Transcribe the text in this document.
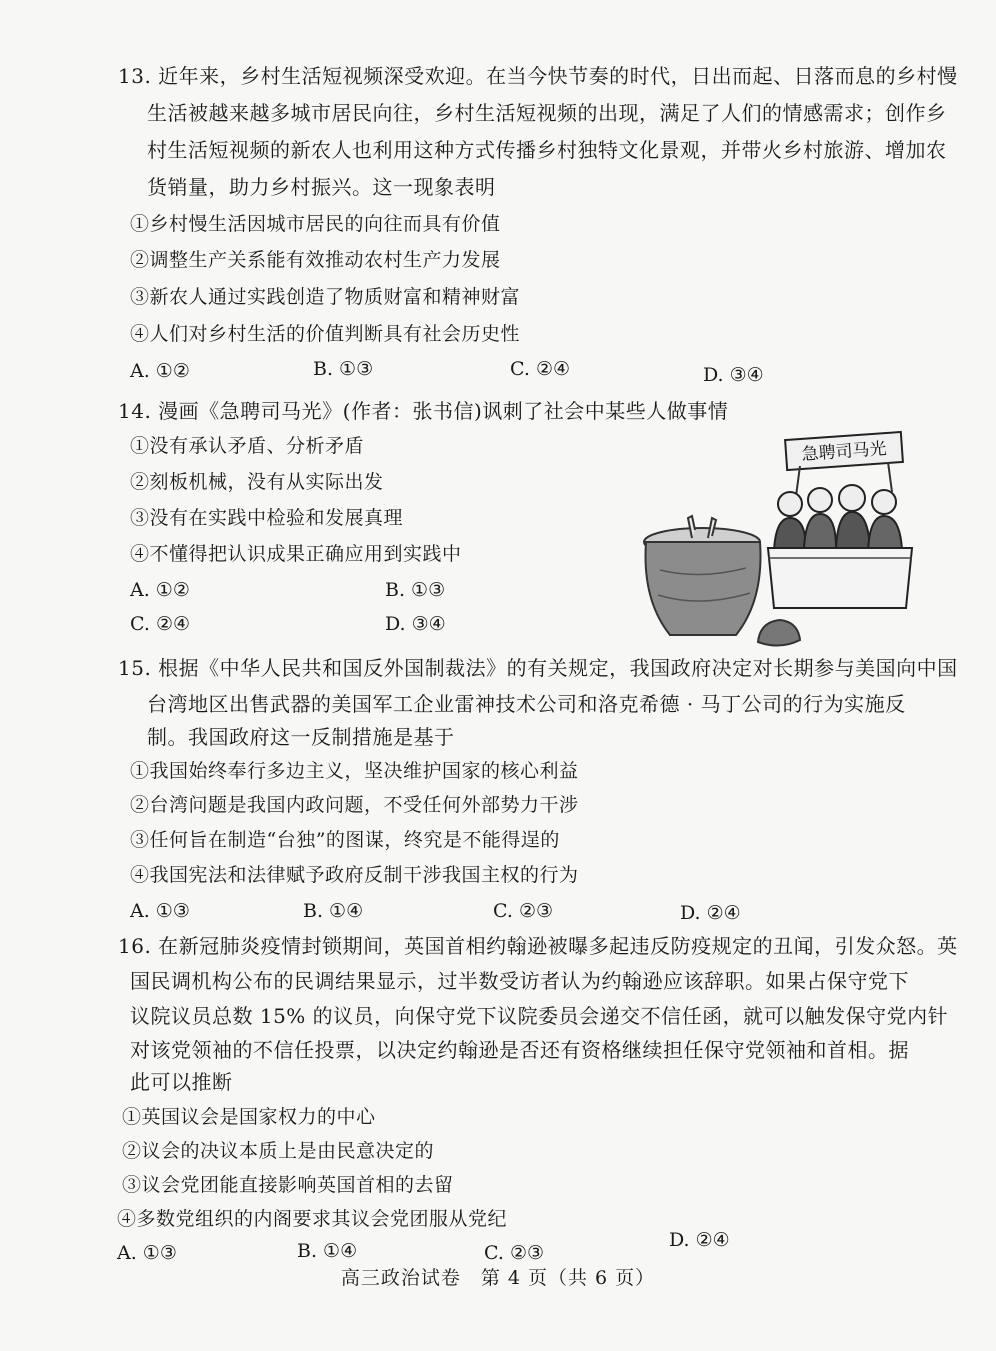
13. 近年来，乡村生活短视频深受欢迎。在当今快节奏的时代，日出而起、日落而息的乡村慢
生活被越来越多城市居民向往，乡村生活短视频的出现，满足了人们的情感需求；创作乡
村生活短视频的新农人也利用这种方式传播乡村独特文化景观，并带火乡村旅游、增加农
货销量，助力乡村振兴。这一现象表明
①乡村慢生活因城市居民的向往而具有价值
②调整生产关系能有效推动农村生产力发展
③新农人通过实践创造了物质财富和精神财富
④人们对乡村生活的价值判断具有社会历史性
A. ①②	B. ①③	C. ②④	D. ③④
14. 漫画《急聘司马光》(作者：张书信)讽刺了社会中某些人做事情
①没有承认矛盾、分析矛盾
②刻板机械，没有从实际出发
③没有在实践中检验和发展真理
④不懂得把认识成果正确应用到实践中
A. ①②	B. ①③
C. ②④	D. ③④
急聘司马光
15. 根据《中华人民共和国反外国制裁法》的有关规定，我国政府决定对长期参与美国向中国
台湾地区出售武器的美国军工企业雷神技术公司和洛克希德 · 马丁公司的行为实施反
制。我国政府这一反制措施是基于
①我国始终奉行多边主义，坚决维护国家的核心利益
②台湾问题是我国内政问题，不受任何外部势力干涉
③任何旨在制造“台独”的图谋，终究是不能得逞的
④我国宪法和法律赋予政府反制干涉我国主权的行为
A. ①③	B. ①④	C. ②③	D. ②④
16. 在新冠肺炎疫情封锁期间，英国首相约翰逊被曝多起违反防疫规定的丑闻，引发众怒。英
国民调机构公布的民调结果显示，过半数受访者认为约翰逊应该辞职。如果占保守党下
议院议员总数 15% 的议员，向保守党下议院委员会递交不信任函，就可以触发保守党内针
对该党领袖的不信任投票，以决定约翰逊是否还有资格继续担任保守党领袖和首相。据
此可以推断
①英国议会是国家权力的中心
②议会的决议本质上是由民意决定的
③议会党团能直接影响英国首相的去留
④多数党组织的内阁要求其议会党团服从党纪
A. ①③	B. ①④	C. ②③
D. ②④
高三政治试卷　第 4 页（共 6 页）
